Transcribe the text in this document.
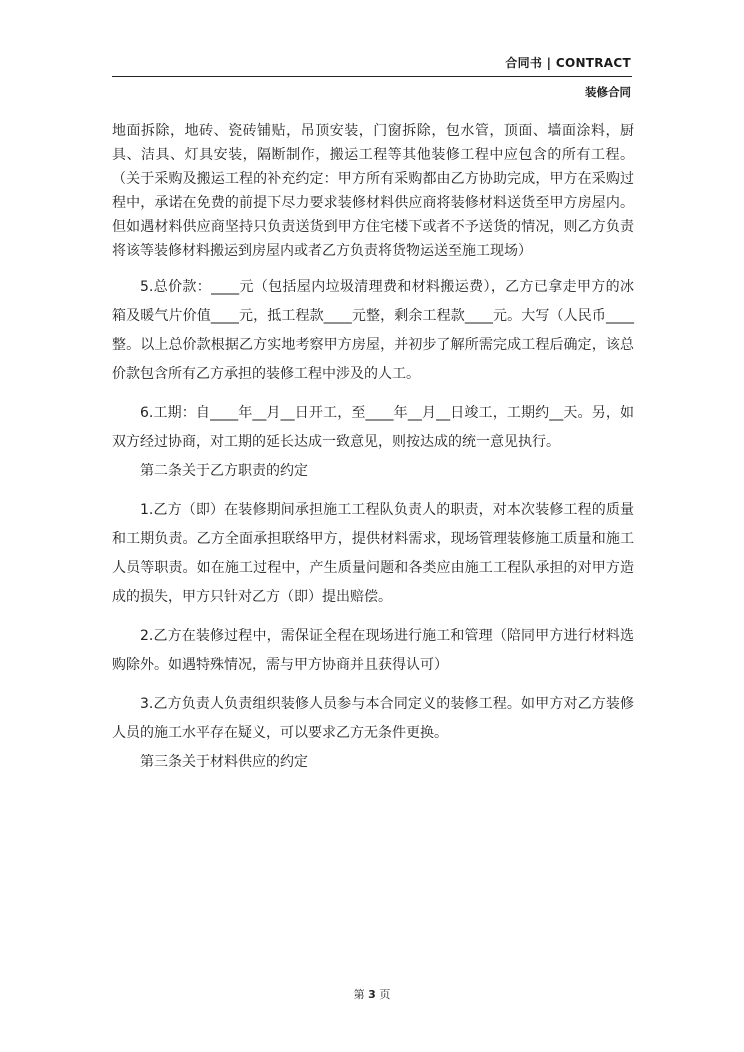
合同书 | CONTRACT
装修合同

地面拆除，地砖、瓷砖铺贴，吊顶安装，门窗拆除，包水管，顶面、墙面涂料，厨具、洁具、灯具安装，隔断制作，搬运工程等其他装修工程中应包含的所有工程。（关于采购及搬运工程的补充约定：甲方所有采购都由乙方协助完成，甲方在采购过程中，承诺在免费的前提下尽力要求装修材料供应商将装修材料送货至甲方房屋内。但如遇材料供应商坚持只负责送货到甲方住宅楼下或者不予送货的情况，则乙方负责将该等装修材料搬运到房屋内或者乙方负责将货物运送至施工现场）

5.总价款：____元（包括屋内垃圾清理费和材料搬运费），乙方已拿走甲方的冰箱及暖气片价值____元，抵工程款____元整，剩余工程款____元。大写（人民币____整。以上总价款根据乙方实地考察甲方房屋，并初步了解所需完成工程后确定，该总价款包含所有乙方承担的装修工程中涉及的人工。

6.工期：自____年__月__日开工，至____年__月__日竣工，工期约__天。另，如双方经过协商，对工期的延长达成一致意见，则按达成的统一意见执行。

第二条关于乙方职责的约定

1.乙方（即）在装修期间承担施工工程队负责人的职责，对本次装修工程的质量和工期负责。乙方全面承担联络甲方，提供材料需求，现场管理装修施工质量和施工人员等职责。如在施工过程中，产生质量问题和各类应由施工工程队承担的对甲方造成的损失，甲方只针对乙方（即）提出赔偿。

2.乙方在装修过程中，需保证全程在现场进行施工和管理（陪同甲方进行材料选购除外。如遇特殊情况，需与甲方协商并且获得认可）

3.乙方负责人负责组织装修人员参与本合同定义的装修工程。如甲方对乙方装修人员的施工水平存在疑义，可以要求乙方无条件更换。

第三条关于材料供应的约定

第 3 页
